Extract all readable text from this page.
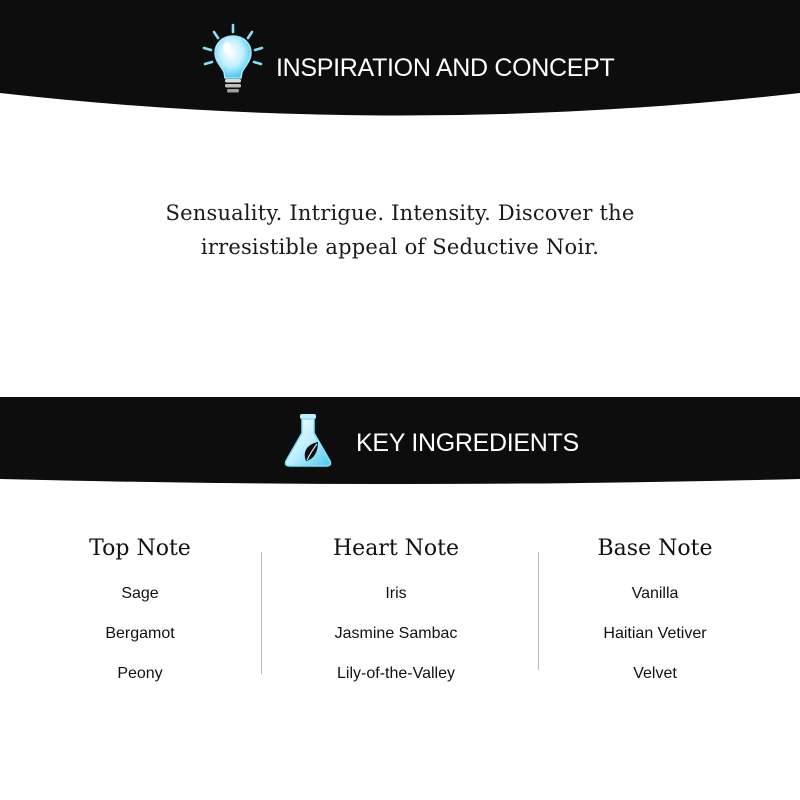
INSPIRATION AND CONCEPT
Sensuality. Intrigue. Intensity. Discover the
irresistible appeal of Seductive Noir.
KEY INGREDIENTS
Top Note
Sage
Bergamot
Peony
Heart Note
Iris
Jasmine Sambac
Lily-of-the-Valley
Base Note
Vanilla
Haitian Vetiver
Velvet
